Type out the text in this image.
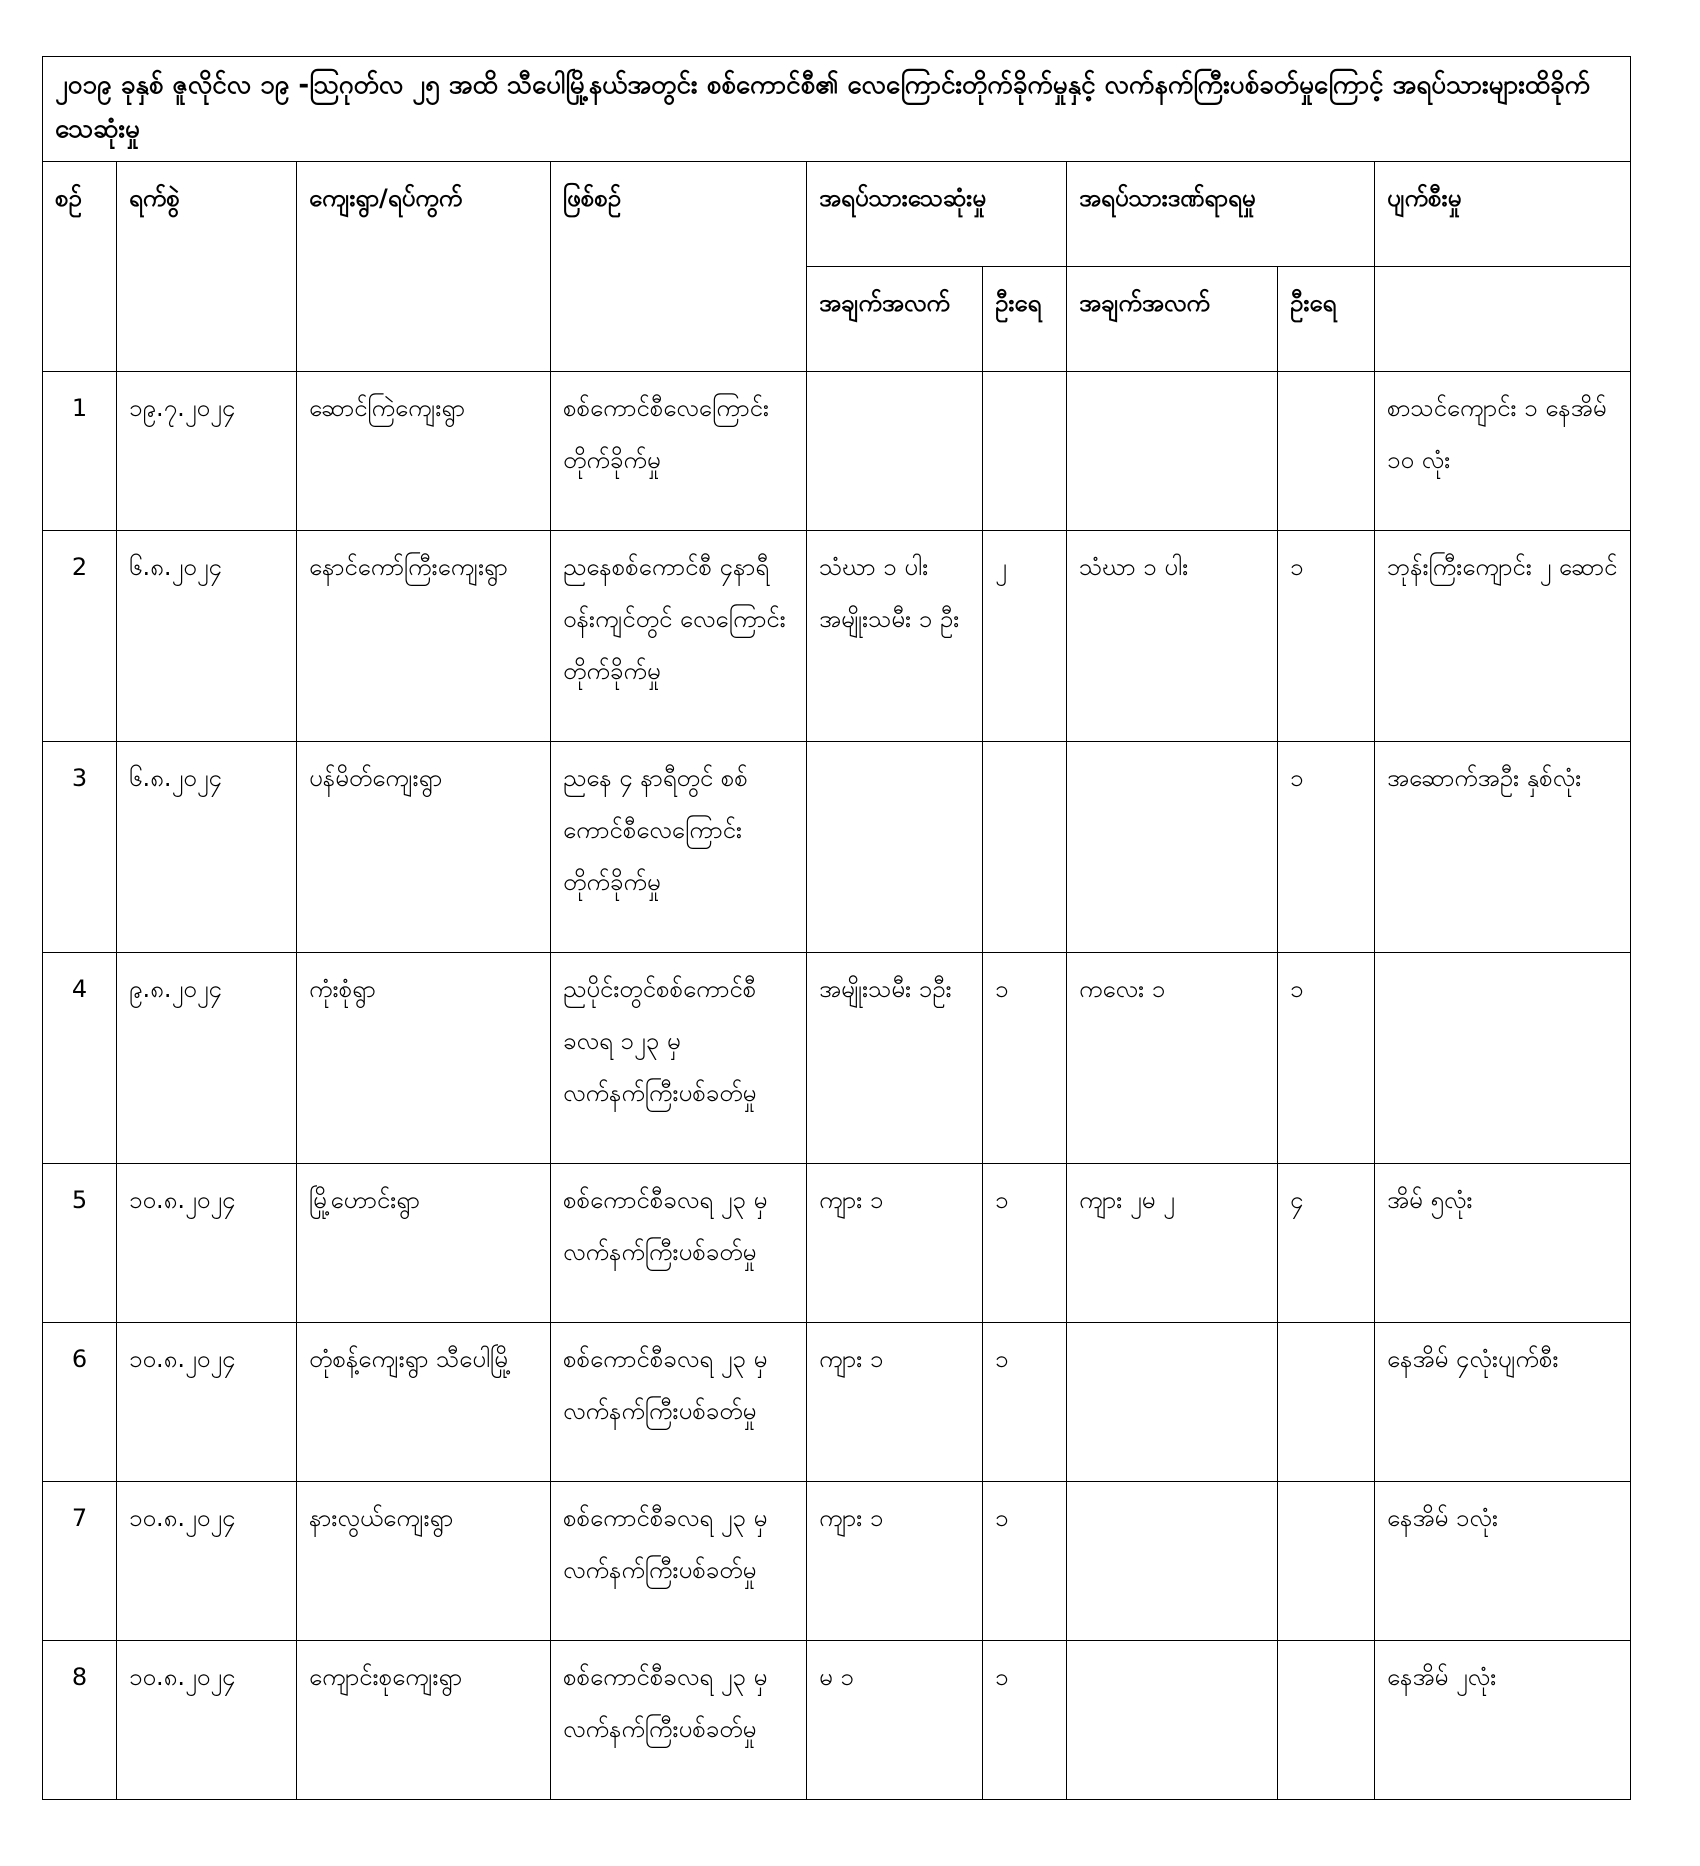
၂၀၁၉ ခုနှစ် ဇူလိုင်လ ၁၉ -ဩဂုတ်လ ၂၅ အထိ သီပေါမြို့နယ်အတွင်း စစ်ကောင်စီ၏ လေကြောင်းတိုက်ခိုက်မှုနှင့် လက်နက်ကြီးပစ်ခတ်မှုကြောင့် အရပ်သားများထိခိုက်သေဆုံးမှု								
စဥ်	ရက်စွဲ	ကျေးရွာ/ရပ်ကွက်	ဖြစ်စဥ်	အရပ်သားသေဆုံးမှု		အရပ်သားဒဏ်ရာရမှု		ပျက်စီးမှု
				အချက်အလက်	ဦးရေ	အချက်အလက်	ဦးရေ	
1	၁၉.၇.၂၀၂၄	ဆောင်ကြဲကျေးရွာ	စစ်ကောင်စီလေကြောင်းတိုက်ခိုက်မှု					စာသင်ကျောင်း ၁ နေအိမ် ၁၀ လုံး
2	၆.၈.၂၀၂၄	နောင်ကော်ကြီးကျေးရွာ	ညနေစစ်ကောင်စီ ၄နာရီဝန်းကျင်တွင် လေကြောင်းတိုက်ခိုက်မှု	သံဃာ ၁ ပါး အမျိုးသမီး ၁ ဦး	၂	သံဃာ ၁ ပါး	၁	ဘုန်းကြီးကျောင်း ၂ ဆောင်
3	၆.၈.၂၀၂၄	ပန်မိတ်ကျေးရွာ	ညနေ ၄ နာရီတွင် စစ်ကောင်စီလေကြောင်းတိုက်ခိုက်မှု				၁	အဆောက်အဦး နှစ်လုံး
4	၉.၈.၂၀၂၄	ကုံးစုံရွာ	ညပိုင်းတွင်စစ်ကောင်စီ ခလရ ၁၂၃ မှ လက်နက်ကြီးပစ်ခတ်မှု	အမျိုးသမီး ၁ဦး	၁	ကလေး ၁	၁	
5	၁၀.၈.၂၀၂၄	မြို့ဟောင်းရွာ	စစ်ကောင်စီခလရ ၂၃ မှလက်နက်ကြီးပစ်ခတ်မှု	ကျား ၁	၁	ကျား ၂မ ၂	၄	အိမ် ၅လုံး
6	၁၀.၈.၂၀၂၄	တုံစန့်ကျေးရွာ သီပေါမြို့	စစ်ကောင်စီခလရ ၂၃ မှလက်နက်ကြီးပစ်ခတ်မှု	ကျား ၁	၁			နေအိမ် ၄လုံးပျက်စီး
7	၁၀.၈.၂၀၂၄	နားလွယ်ကျေးရွာ	စစ်ကောင်စီခလရ ၂၃ မှလက်နက်ကြီးပစ်ခတ်မှု	ကျား ၁	၁			နေအိမ် ၁လုံး
8	၁၀.၈.၂၀၂၄	ကျောင်းစုကျေးရွာ	စစ်ကောင်စီခလရ ၂၃ မှလက်နက်ကြီးပစ်ခတ်မှု	မ ၁	၁			နေအိမ် ၂လုံး
